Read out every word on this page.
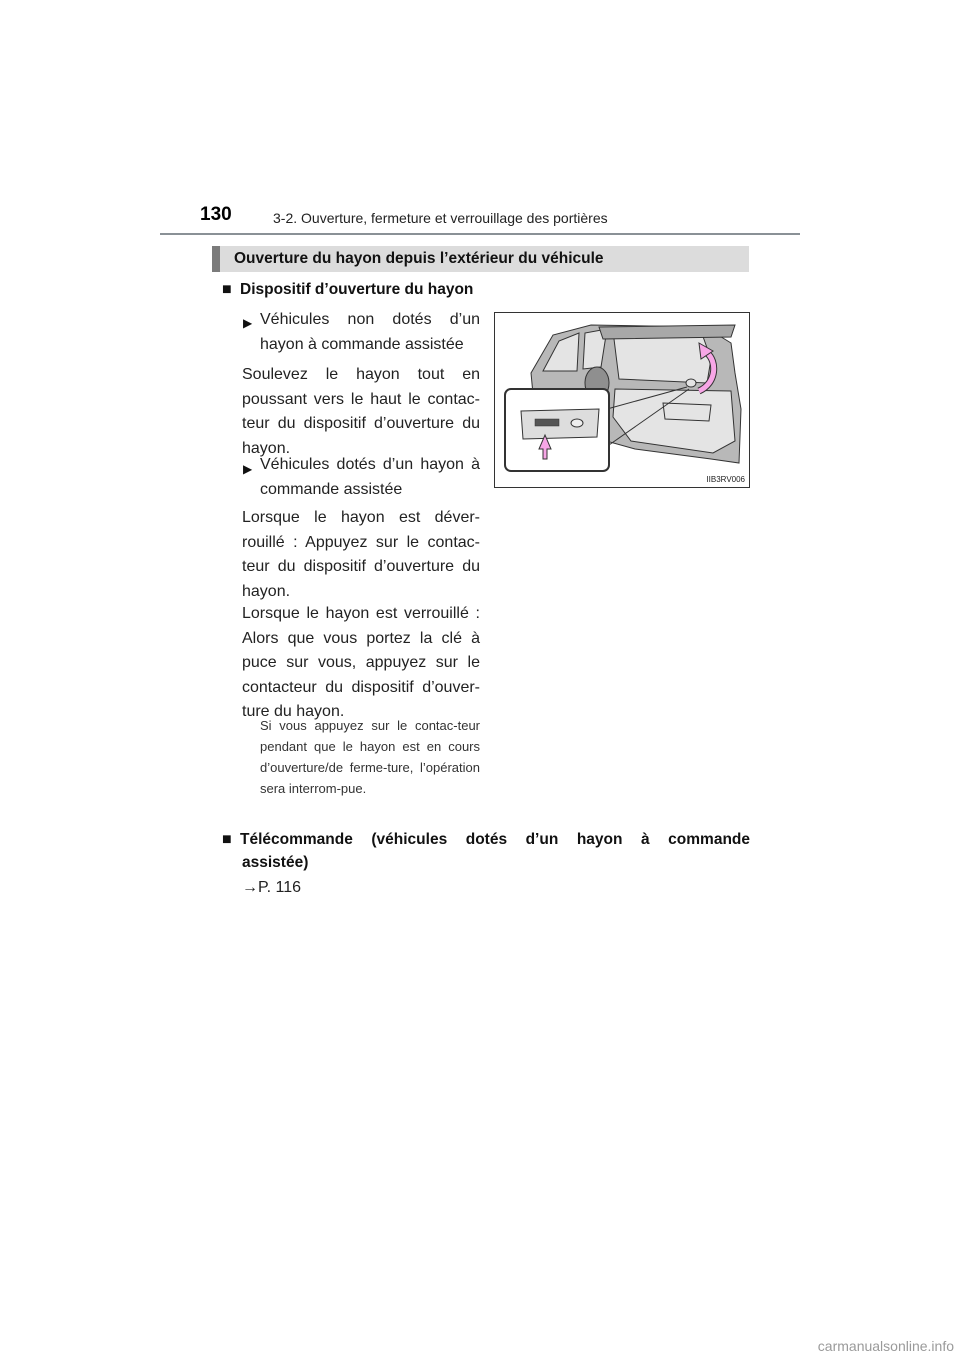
130	3-2. Ouverture, fermeture et verrouillage des portières
Ouverture du hayon depuis l’extérieur du véhicule
■ Dispositif d’ouverture du hayon
▶ Véhicules non dotés d’un
hayon à commande assistée
Soulevez le hayon tout en poussant vers le haut le contac-teur du dispositif d’ouverture du hayon.
▶ Véhicules dotés d’un hayon à
commande assistée
Lorsque le hayon est déver-rouillé : Appuyez sur le contac-teur du dispositif d’ouverture du hayon.
Lorsque le hayon est verrouillé : Alors que vous portez la clé à puce sur vous, appuyez sur le contacteur du dispositif d’ouver-ture du hayon.
Si vous appuyez sur le contac-teur pendant que le hayon est en cours d’ouverture/de ferme-ture, l’opération sera interrom-pue.
IIB3RV006
■ Télécommande (véhicules dotés d’un hayon à commande
assistée)
→P. 116
carmanualsonline.info
